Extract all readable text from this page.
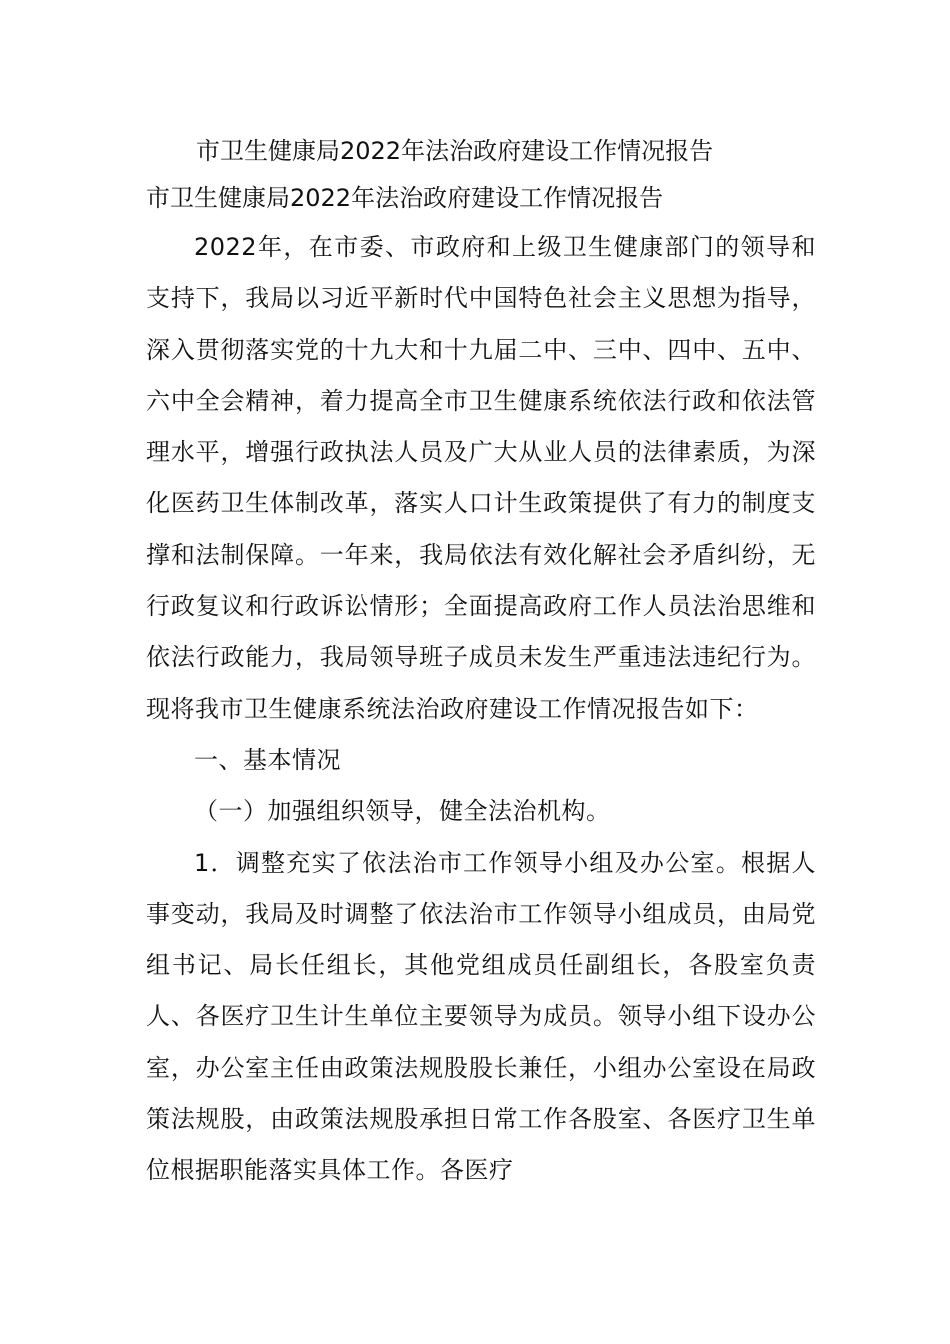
市卫生健康局2022年法治政府建设工作情况报告
市卫生健康局2022年法治政府建设工作情况报告

2022年，在市委、市政府和上级卫生健康部门的领导和支持下，我局以习近平新时代中国特色社会主义思想为指导，深入贯彻落实党的十九大和十九届二中、三中、四中、五中、六中全会精神，着力提高全市卫生健康系统依法行政和依法管理水平，增强行政执法人员及广大从业人员的法律素质，为深化医药卫生体制改革，落实人口计生政策提供了有力的制度支撑和法制保障。一年来，我局依法有效化解社会矛盾纠纷，无行政复议和行政诉讼情形；全面提高政府工作人员法治思维和依法行政能力，我局领导班子成员未发生严重违法违纪行为。现将我市卫生健康系统法治政府建设工作情况报告如下：

一、基本情况

（一）加强组织领导，健全法治机构。

1．调整充实了依法治市工作领导小组及办公室。根据人事变动，我局及时调整了依法治市工作领导小组成员，由局党组书记、局长任组长，其他党组成员任副组长，各股室负责人、各医疗卫生计生单位主要领导为成员。领导小组下设办公室，办公室主任由政策法规股股长兼任，小组办公室设在局政策法规股，由政策法规股承担日常工作各股室、各医疗卫生单位根据职能落实具体工作。各医疗
